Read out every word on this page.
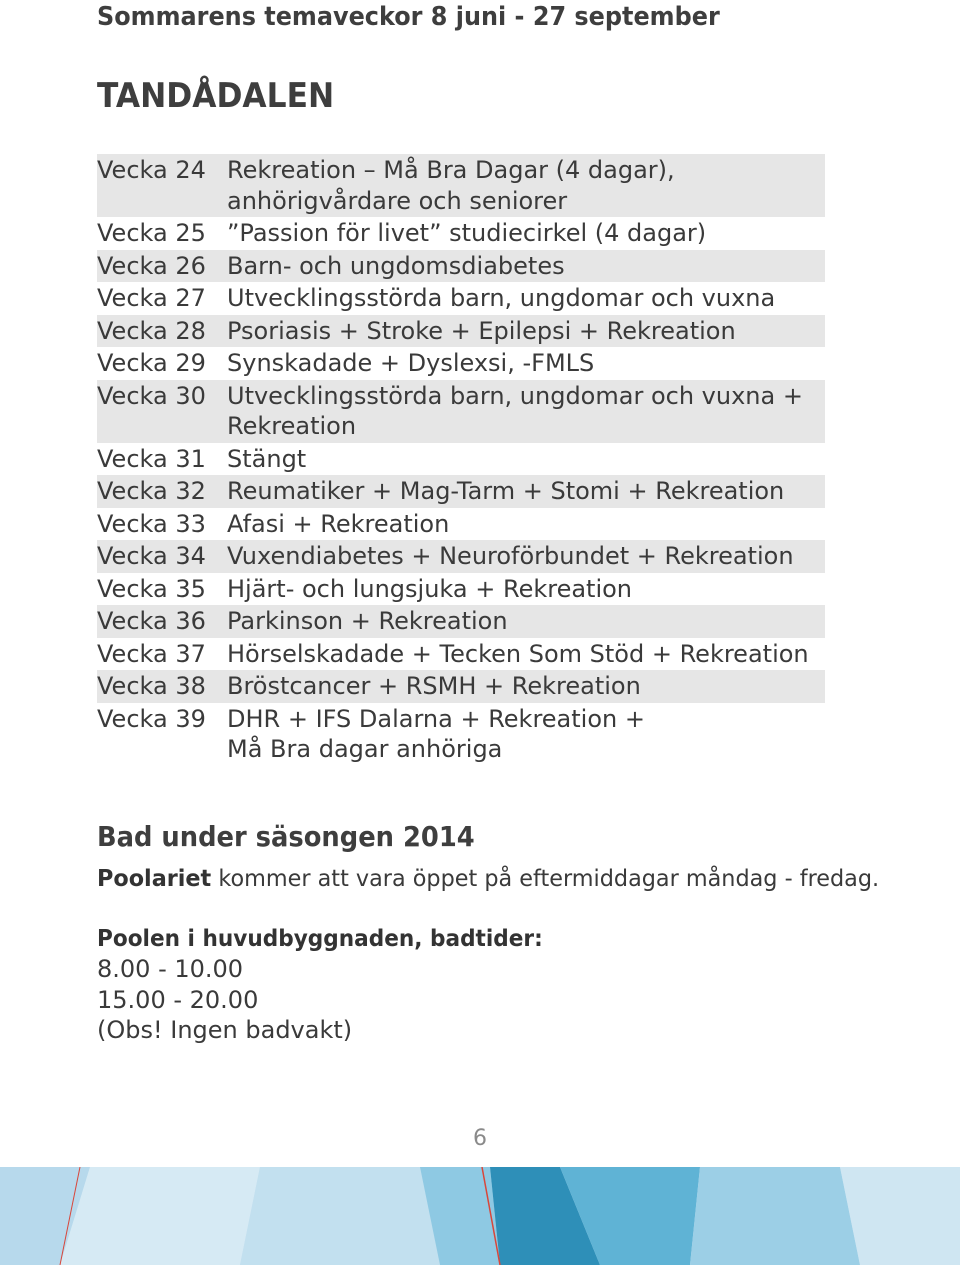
Sommarens temaveckor 8 juni - 27 september
TANDÅDALEN
Vecka 24 Rekreation – Må Bra Dagar (4 dagar),
anhörigvårdare och seniorer
Vecka 25 ”Passion för livet” studiecirkel (4 dagar)
Vecka 26 Barn- och ungdomsdiabetes
Vecka 27 Utvecklingsstörda barn, ungdomar och vuxna
Vecka 28 Psoriasis + Stroke + Epilepsi + Rekreation
Vecka 29 Synskadade + Dyslexsi, -FMLS
Vecka 30 Utvecklingsstörda barn, ungdomar och vuxna +
Rekreation
Vecka 31 Stängt
Vecka 32 Reumatiker + Mag-Tarm + Stomi + Rekreation
Vecka 33 Afasi + Rekreation
Vecka 34 Vuxendiabetes + Neuroförbundet + Rekreation
Vecka 35 Hjärt- och lungsjuka + Rekreation
Vecka 36 Parkinson + Rekreation
Vecka 37 Hörselskadade + Tecken Som Stöd + Rekreation
Vecka 38 Bröstcancer + RSMH + Rekreation
Vecka 39 DHR + IFS Dalarna + Rekreation +
Må Bra dagar anhöriga
Bad under säsongen 2014
Poolariet kommer att vara öppet på eftermiddagar måndag - fredag.
Poolen i huvudbyggnaden, badtider:
8.00 - 10.00
15.00 - 20.00
(Obs! Ingen badvakt)
6
